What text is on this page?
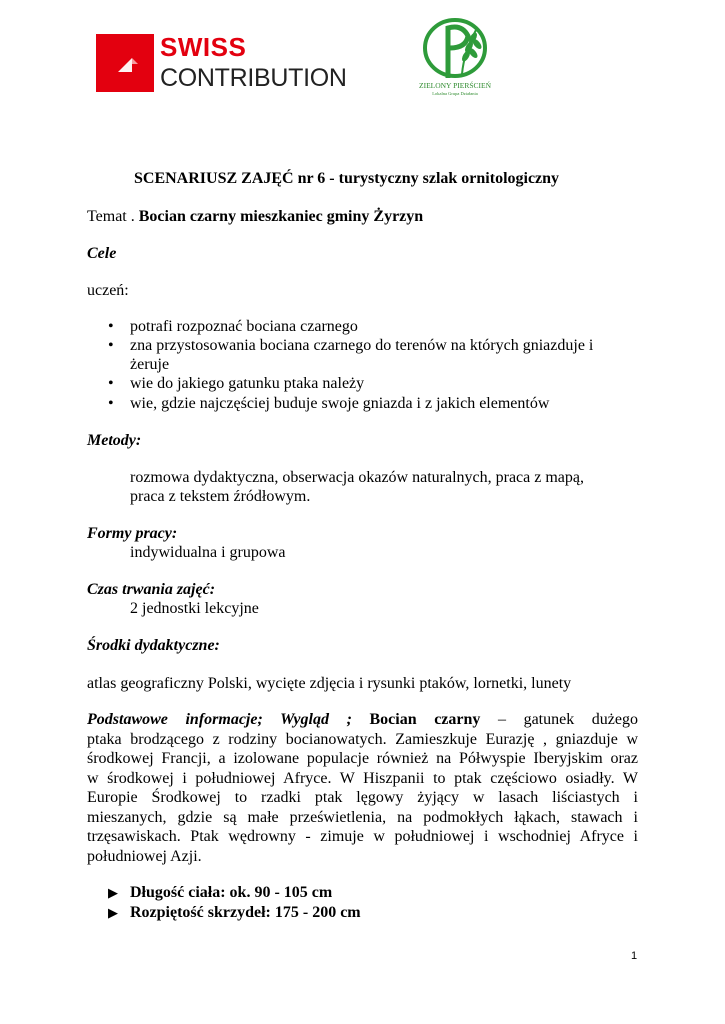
SWISS
CONTRIBUTION	ZIELONY PIERŚCIEŃ
Lokalna Grupa Działania
SCENARIUSZ ZAJĘĆ nr 6 - turystyczny szlak ornitologiczny
Temat . Bocian czarny mieszkaniec gminy Żyrzyn
Cele
uczeń:
• potrafi rozpoznać bociana czarnego
• zna przystosowania bociana czarnego do terenów na których gniazduje i
żeruje
• wie do jakiego gatunku ptaka należy
• wie, gdzie najczęściej buduje swoje gniazda i z jakich elementów
Metody:
rozmowa dydaktyczna, obserwacja okazów naturalnych, praca z mapą,
praca z tekstem źródłowym.
Formy pracy:
indywidualna i grupowa
Czas trwania zajęć:
2 jednostki lekcyjne
Środki dydaktyczne:
atlas geograficzny Polski, wycięte zdjęcia i rysunki ptaków, lornetki, lunety
Podstawowe informacje; Wygląd ; Bocian czarny – gatunek dużego
ptaka brodzącego z rodziny bocianowatych. Zamieszkuje Eurazję , gniazduje w
środkowej Francji, a izolowane populacje również na Półwyspie Iberyjskim oraz
w środkowej i południowej Afryce. W Hiszpanii to ptak częściowo osiadły. W
Europie Środkowej to rzadki ptak lęgowy żyjący w lasach liściastych i
mieszanych, gdzie są małe prześwietlenia, na podmokłych łąkach, stawach i
trzęsawiskach. Ptak wędrowny - zimuje w południowej i wschodniej Afryce i
południowej Azji.
▶ Długość ciała: ok. 90 - 105 cm
▶ Rozpiętość skrzydeł: 175 - 200 cm
1
